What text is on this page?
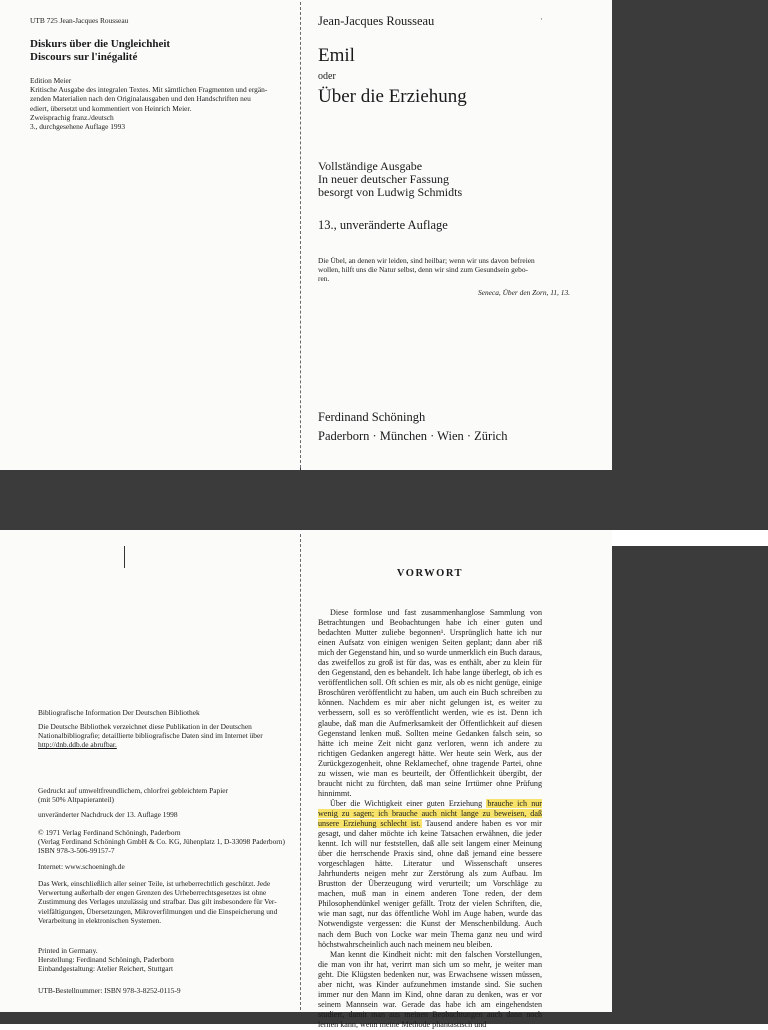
UTB 725 Jean-Jacques Rousseau
Diskurs über die Ungleichheit
Discours sur l'inégalité
Edition Meier
Kritische Ausgabe des integralen Textes. Mit sämtlichen Fragmenten und ergän-
zenden Materialien nach den Originalausgaben und den Handschriften neu
ediert, übersetzt und kommentiert von Heinrich Meier.
Zweisprachig franz./deutsch
3., durchgesehene Auflage 1993
Jean-Jacques Rousseau
Emil
oder
Über die Erziehung
Vollständige Ausgabe
In neuer deutscher Fassung
besorgt von Ludwig Schmidts
13., unveränderte Auflage
Die Übel, an denen wir leiden, sind heilbar; wenn wir uns davon befreien
wollen, hilft uns die Natur selbst, denn wir sind zum Gesundsein gebo-
ren.
Seneca, Über den Zorn, 11, 13.
Ferdinand Schöningh
Paderborn · München · Wien · Zürich
·
Bibliografische Information Der Deutschen Bibliothek
Die Deutsche Bibliothek verzeichnet diese Publikation in der Deutschen
Nationalbibliografie; detaillierte bibliografische Daten sind im Internet über
http://dnb.ddb.de abrufbar.
Gedruckt auf umweltfreundlichem, chlorfrei gebleichtem Papier
(mit 50% Altpapieranteil)
unveränderter Nachdruck der 13. Auflage 1998
© 1971 Verlag Ferdinand Schöningh, Paderborn
(Verlag Ferdinand Schöningh GmbH & Co. KG, Jühenplatz 1, D-33098 Paderborn)
ISBN 978-3-506-99157-7
Internet: www.schoeningh.de
Das Werk, einschließlich aller seiner Teile, ist urheberrechtlich geschützt. Jede
Verwertung außerhalb der engen Grenzen des Urheberrechtsgesetzes ist ohne
Zustimmung des Verlages unzulässig und strafbar. Das gilt insbesondere für Ver-
vielfältigungen, Übersetzungen, Mikroverfilmungen und die Einspeicherung und
Verarbeitung in elektronischen Systemen.
Printed in Germany.
Herstellung: Ferdinand Schöningh, Paderborn
Einbandgestaltung: Atelier Reichert, Stuttgart
UTB-Bestellnummer: ISBN 978-3-8252-0115-9
VORWORT

Diese formlose und fast zusammenhanglose Sammlung von Betrachtungen und Beobachtungen habe ich einer guten und bedachten Mutter zuliebe begonnen¹. Ursprünglich hatte ich nur einen Aufsatz von einigen wenigen Seiten geplant; dann aber riß mich der Gegenstand hin, und so wurde unmerklich ein Buch daraus, das zweifellos zu groß ist für das, was es enthält, aber zu klein für den Gegenstand, den es behandelt. Ich habe lange überlegt, ob ich es veröffentlichen soll. Oft schien es mir, als ob es nicht genüge, einige Broschüren veröffentlicht zu haben, um auch ein Buch schreiben zu können. Nachdem es mir aber nicht gelungen ist, es weiter zu verbessern, soll es so veröffentlicht werden, wie es ist. Denn ich glaube, daß man die Aufmerksamkeit der Öffentlichkeit auf diesen Gegenstand lenken muß. Sollten meine Gedanken falsch sein, so hätte ich meine Zeit nicht ganz verloren, wenn ich andere zu richtigen Gedanken angeregt hätte. Wer heute sein Werk, aus der Zurückgezogenheit, ohne Reklamechef, ohne tragende Partei, ohne zu wissen, wie man es beurteilt, der Öffentlichkeit übergibt, der braucht nicht zu fürchten, daß man seine Irrtümer ohne Prüfung hinnimmt.

Über die Wichtigkeit einer guten Erziehung brauche ich nur wenig zu sagen; ich brauche auch nicht lange zu beweisen, daß unsere Erziehung schlecht ist. Tausend andere haben es vor mir gesagt, und daher möchte ich keine Tatsachen erwähnen, die jeder kennt. Ich will nur feststellen, daß alle seit langem einer Meinung über die herrschende Praxis sind, ohne daß jemand eine bessere vorgeschlagen hätte. Literatur und Wissenschaft unseres Jahrhunderts neigen mehr zur Zerstörung als zum Aufbau. Im Brustton der Überzeugung wird verurteilt; um Vorschläge zu machen, muß man in einem anderen Tone reden, der dem Philosophendünkel weniger gefällt. Trotz der vielen Schriften, die, wie man sagt, nur das öffentliche Wohl im Auge haben, wurde das Notwendigste vergessen: die Kunst der Menschenbildung. Auch nach dem Buch von Locke war mein Thema ganz neu und wird höchstwahrscheinlich auch nach meinem neu bleiben.

Man kennt die Kindheit nicht: mit den falschen Vorstellungen, die man von ihr hat, verirrt man sich um so mehr, je weiter man geht. Die Klügsten bedenken nur, was Erwachsene wissen müssen, aber nicht, was Kinder aufzunehmen imstande sind. Sie suchen immer nur den Mann im Kind, ohne daran zu denken, was er vor seinem Mannsein war. Gerade das habe ich am eingehendsten studiert, damit man aus meinen Beobachtungen auch dann noch lernen kann, wenn meine Methode phantastisch und
